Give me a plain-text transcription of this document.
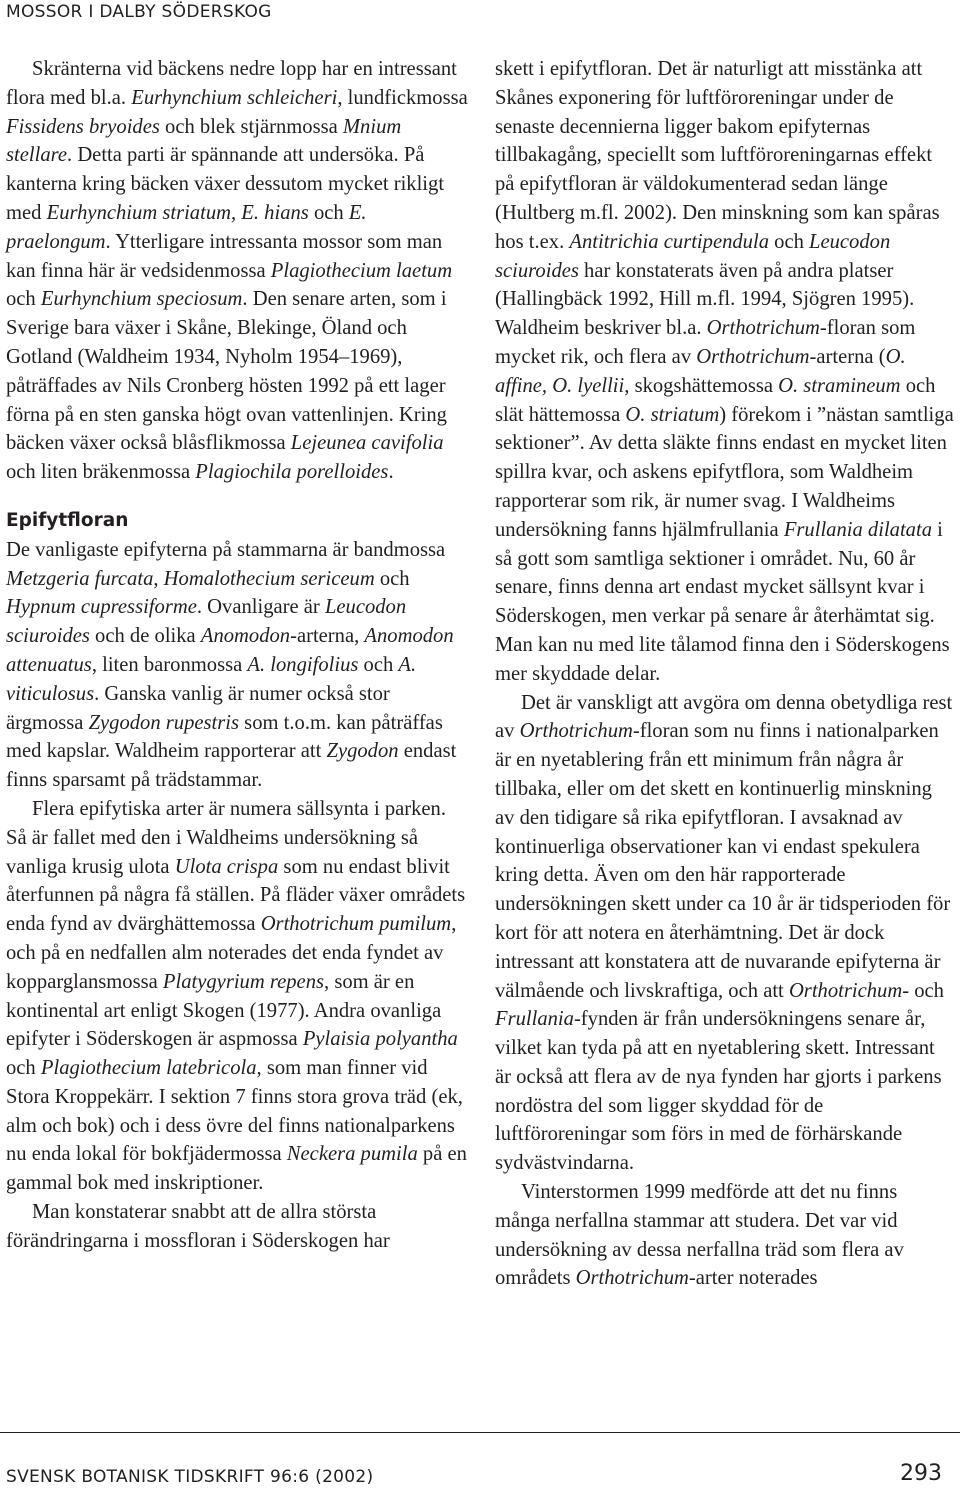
MOSSOR I DALBY SÖDERSKOG

Skränterna vid bäckens nedre lopp har en intressant flora med bl.a. Eurhynchium schleicheri, lundfickmossa Fissidens bryoides och blek stjärnmossa Mnium stellare. Detta parti är spännande att undersöka. På kanterna kring bäcken växer dessutom mycket rikligt med Eurhynchium striatum, E. hians och E. praelongum. Ytterligare intressanta mossor som man kan finna här är vedsidenmossa Plagiothecium laetum och Eurhynchium speciosum. Den senare arten, som i Sverige bara växer i Skåne, Blekinge, Öland och Gotland (Waldheim 1934, Nyholm 1954–1969), påträffades av Nils Cronberg hösten 1992 på ett lager förna på en sten ganska högt ovan vattenlinjen. Kring bäcken växer också blåsflikmossa Lejeunea cavifolia och liten bräkenmossa Plagiochila porelloides.

Epifytfloran

De vanligaste epifyterna på stammarna är bandmossa Metzgeria furcata, Homalothecium sericeum och Hypnum cupressiforme. Ovanligare är Leucodon sciuroides och de olika Anomodon-arterna, Anomodon attenuatus, liten baronmossa A. longifolius och A. viticulosus. Ganska vanlig är numer också stor ärgmossa Zygodon rupestris som t.o.m. kan påträffas med kapslar. Waldheim rapporterar att Zygodon endast finns sparsamt på trädstammar.

Flera epifytiska arter är numera sällsynta i parken. Så är fallet med den i Waldheims undersökning så vanliga krusig ulota Ulota crispa som nu endast blivit återfunnen på några få ställen. På fläder växer områdets enda fynd av dvärghättemossa Orthotrichum pumilum, och på en nedfallen alm noterades det enda fyndet av kopparglansmossa Platygyrium repens, som är en kontinental art enligt Skogen (1977). Andra ovanliga epifyter i Söderskogen är aspmossa Pylaisia polyantha och Plagiothecium latebricola, som man finner vid Stora Kroppekärr. I sektion 7 finns stora grova träd (ek, alm och bok) och i dess övre del finns nationalparkens nu enda lokal för bokfjädermossa Neckera pumila på en gammal bok med inskriptioner.

Man konstaterar snabbt att de allra största förändringarna i mossfloran i Söderskogen har

skett i epifytfloran. Det är naturligt att misstänka att Skånes exponering för luftföroreningar under de senaste decennierna ligger bakom epifyternas tillbakagång, speciellt som luftföroreningarnas effekt på epifytfloran är väldokumenterad sedan länge (Hultberg m.fl. 2002). Den minskning som kan spåras hos t.ex. Antitrichia curtipendula och Leucodon sciuroides har konstaterats även på andra platser (Hallingbäck 1992, Hill m.fl. 1994, Sjögren 1995). Waldheim beskriver bl.a. Orthotrichum-floran som mycket rik, och flera av Orthotrichum-arterna (O. affine, O. lyellii, skogshättemossa O. stramineum och slät hättemossa O. striatum) förekom i ”nästan samtliga sektioner”. Av detta släkte finns endast en mycket liten spillra kvar, och askens epifytflora, som Waldheim rapporterar som rik, är numer svag. I Waldheims undersökning fanns hjälmfrullania Frullania dilatata i så gott som samtliga sektioner i området. Nu, 60 år senare, finns denna art endast mycket sällsynt kvar i Söderskogen, men verkar på senare år återhämtat sig. Man kan nu med lite tålamod finna den i Söderskogens mer skyddade delar.

Det är vanskligt att avgöra om denna obetydliga rest av Orthotrichum-floran som nu finns i nationalparken är en nyetablering från ett minimum från några år tillbaka, eller om det skett en kontinuerlig minskning av den tidigare så rika epifytfloran. I avsaknad av kontinuerliga observationer kan vi endast spekulera kring detta. Även om den här rapporterade undersökningen skett under ca 10 år är tidsperioden för kort för att notera en återhämtning. Det är dock intressant att konstatera att de nuvarande epifyterna är välmående och livskraftiga, och att Orthotrichum- och Frullania-fynden är från undersökningens senare år, vilket kan tyda på att en nyetablering skett. Intressant är också att flera av de nya fynden har gjorts i parkens nordöstra del som ligger skyddad för de luftföroreningar som förs in med de förhärskande sydvästvindarna.

Vinterstormen 1999 medförde att det nu finns många nerfallna stammar att studera. Det var vid undersökning av dessa nerfallna träd som flera av områdets Orthotrichum-arter noterades

SVENSK BOTANISK TIDSKRIFT 96:6 (2002)	293
